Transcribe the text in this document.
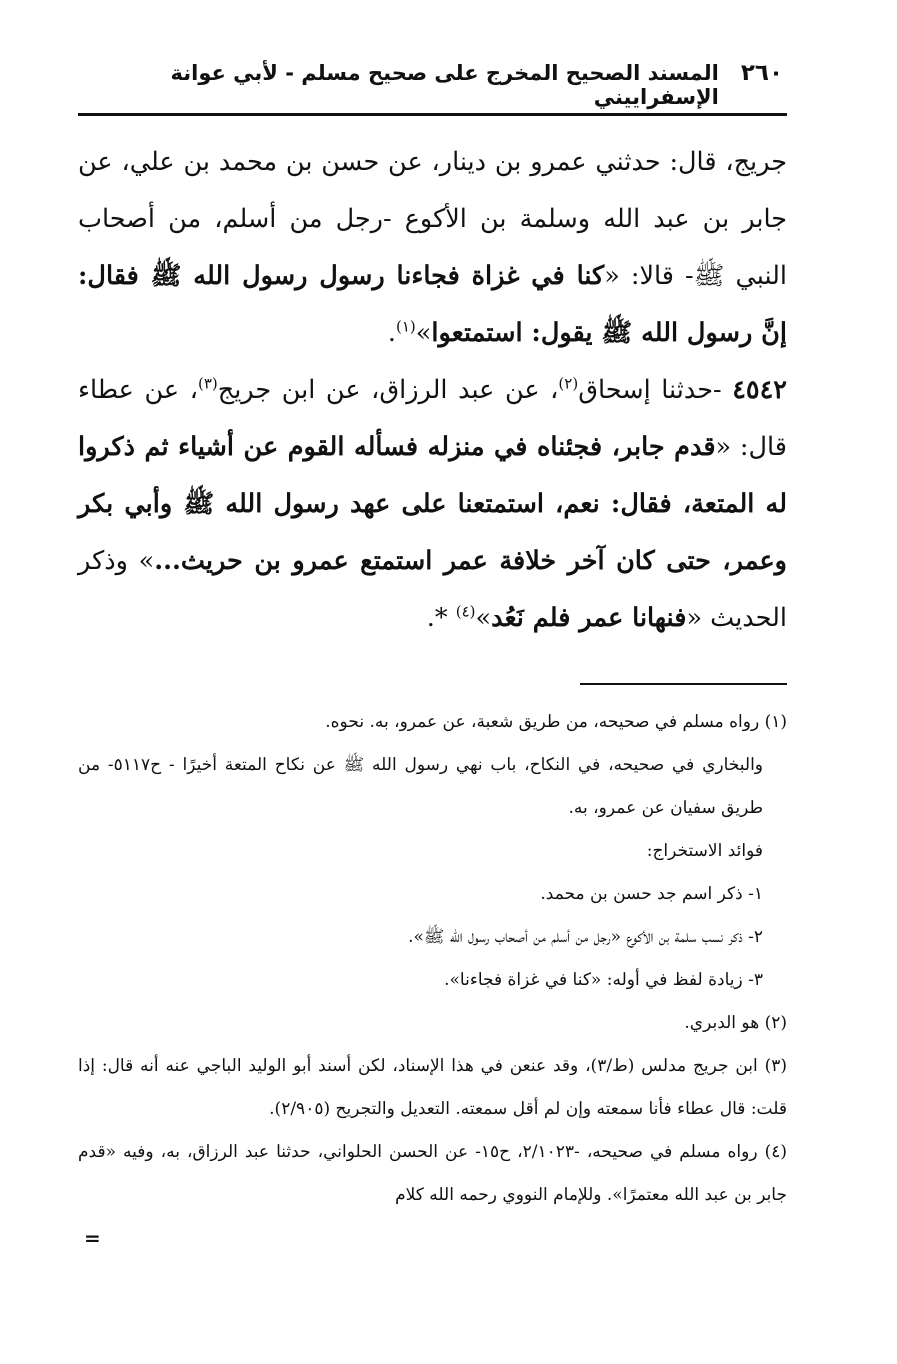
٢٦٠
المسند الصحيح المخرج على صحيح مسلم - لأبي عوانة الإسفراييني

جريج، قال: حدثني عمرو بن دينار، عن حسن بن محمد بن علي، عن جابر بن عبد الله وسلمة بن الأكوع -رجل من أسلم، من أصحاب النبي ﷺ- قالا: «كنا في غزاة فجاءنا رسول رسول الله ﷺ فقال: إنَّ رسول الله ﷺ يقول: استمتعوا»$^{(١)}$.

٤٥٤٢ -حدثنا إسحاق$^{(٢)}$، عن عبد الرزاق، عن ابن جريج$^{(٣)}$، عن عطاء قال: «قدم جابر، فجئناه في منزله فسأله القوم عن أشياء ثم ذكروا له المتعة، فقال: نعم، استمتعنا على عهد رسول الله ﷺ وأبي بكر وعمر، حتى كان آخر خلافة عمر استمتع عمرو بن حريث...» وذكر الحديث «فنهانا عمر فلم نَعُد»$^{(٤)}$ *.

(١) رواه مسلم في صحيحه، من طريق شعبة، عن عمرو، به. نحوه.

والبخاري في صحيحه، في النكاح، باب نهي رسول الله ﷺ عن نكاح المتعة أخيرًا - ح٥١١٧- من طريق سفيان عن عمرو، به.

فوائد الاستخراج:

١- ذكر اسم جد حسن بن محمد.

٢- ذكر نسب سلمة بن الأكوع «رجل من أسلم من أصحاب رسول الله ﷺ».

٣- زيادة لفظ في أوله: «كنا في غزاة فجاءنا».

(٢) هو الدبري.

(٣) ابن جريج مدلس (ط/٣)، وقد عنعن في هذا الإسناد، لكن أسند أبو الوليد الباجي عنه أنه قال: إذا قلت: قال عطاء فأنا سمعته وإن لم أقل سمعته. التعديل والتجريح (٢/٩٠٥).

(٤) رواه مسلم في صحيحه، -٢/١٠٢٣، ح١٥- عن الحسن الحلواني، حدثنا عبد الرزاق، به، وفيه «قدم جابر بن عبد الله معتمرًا». وللإمام النووي رحمه الله كلام

=
